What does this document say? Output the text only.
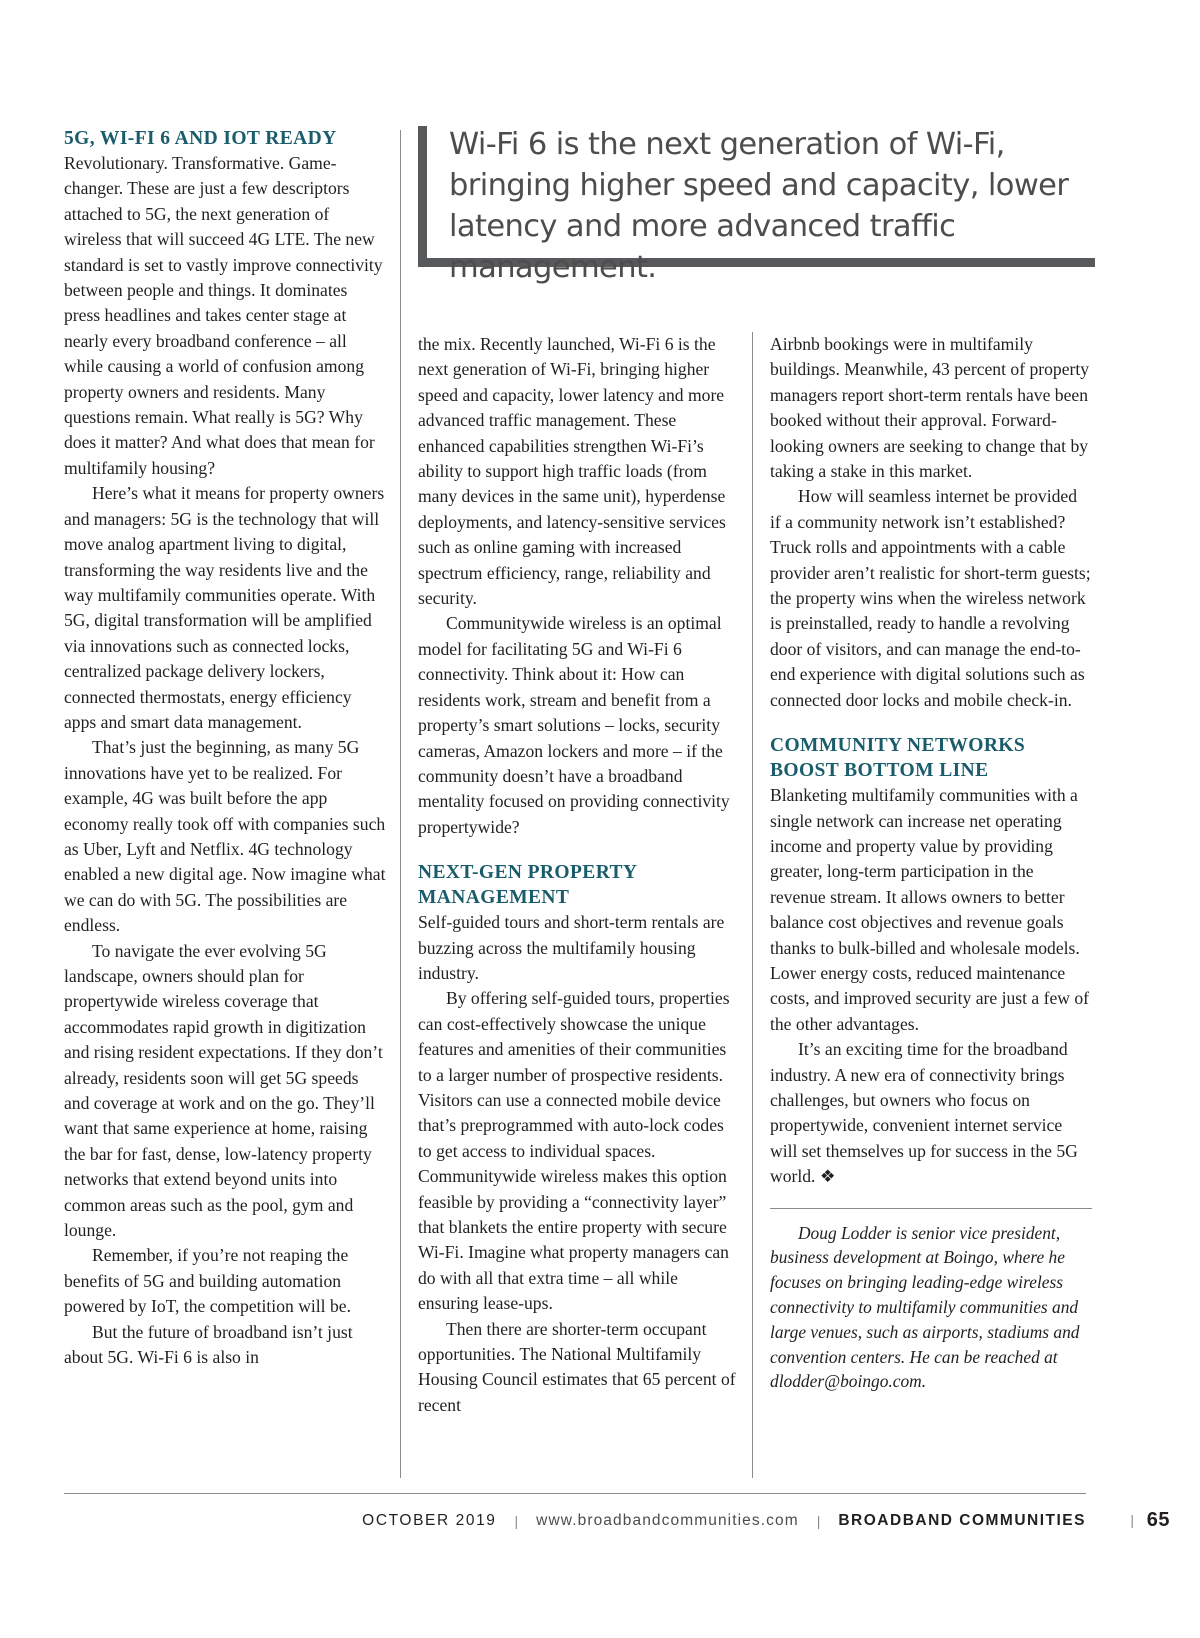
5G, WI-FI 6 AND IOT READY

Revolutionary. Transformative. Game-changer. These are just a few descriptors attached to 5G, the next generation of wireless that will succeed 4G LTE. The new standard is set to vastly improve connectivity between people and things. It dominates press headlines and takes center stage at nearly every broadband conference – all while causing a world of confusion among property owners and residents. Many questions remain. What really is 5G? Why does it matter? And what does that mean for multifamily housing?

Here’s what it means for property owners and managers: 5G is the technology that will move analog apartment living to digital, transforming the way residents live and the way multifamily communities operate. With 5G, digital transformation will be amplified via innovations such as connected locks, centralized package delivery lockers, connected thermostats, energy efficiency apps and smart data management.

That’s just the beginning, as many 5G innovations have yet to be realized. For example, 4G was built before the app economy really took off with companies such as Uber, Lyft and Netflix. 4G technology enabled a new digital age. Now imagine what we can do with 5G. The possibilities are endless.

To navigate the ever evolving 5G landscape, owners should plan for propertywide wireless coverage that accommodates rapid growth in digitization and rising resident expectations. If they don’t already, residents soon will get 5G speeds and coverage at work and on the go. They’ll want that same experience at home, raising the bar for fast, dense, low-latency property networks that extend beyond units into common areas such as the pool, gym and lounge.

Remember, if you’re not reaping the benefits of 5G and building automation powered by IoT, the competition will be.

But the future of broadband isn’t just about 5G. Wi-Fi 6 is also in

Wi-Fi 6 is the next generation of Wi-Fi, bringing higher speed and capacity, lower latency and more advanced traffic management.

the mix. Recently launched, Wi-Fi 6 is the next generation of Wi-Fi, bringing higher speed and capacity, lower latency and more advanced traffic management. These enhanced capabilities strengthen Wi-Fi’s ability to support high traffic loads (from many devices in the same unit), hyperdense deployments, and latency-sensitive services such as online gaming with increased spectrum efficiency, range, reliability and security.

Communitywide wireless is an optimal model for facilitating 5G and Wi-Fi 6 connectivity. Think about it: How can residents work, stream and benefit from a property’s smart solutions – locks, security cameras, Amazon lockers and more – if the community doesn’t have a broadband mentality focused on providing connectivity propertywide?

NEXT-GEN PROPERTY MANAGEMENT

Self-guided tours and short-term rentals are buzzing across the multifamily housing industry.

By offering self-guided tours, properties can cost-effectively showcase the unique features and amenities of their communities to a larger number of prospective residents. Visitors can use a connected mobile device that’s preprogrammed with auto-lock codes to get access to individual spaces. Communitywide wireless makes this option feasible by providing a “connectivity layer” that blankets the entire property with secure Wi-Fi. Imagine what property managers can do with all that extra time – all while ensuring lease-ups.

Then there are shorter-term occupant opportunities. The National Multifamily Housing Council estimates that 65 percent of recent

Airbnb bookings were in multifamily buildings. Meanwhile, 43 percent of property managers report short-term rentals have been booked without their approval. Forward-looking owners are seeking to change that by taking a stake in this market.

How will seamless internet be provided if a community network isn’t established? Truck rolls and appointments with a cable provider aren’t realistic for short-term guests; the property wins when the wireless network is preinstalled, ready to handle a revolving door of visitors, and can manage the end-to-end experience with digital solutions such as connected door locks and mobile check-in.

COMMUNITY NETWORKS BOOST BOTTOM LINE

Blanketing multifamily communities with a single network can increase net operating income and property value by providing greater, long-term participation in the revenue stream. It allows owners to better balance cost objectives and revenue goals thanks to bulk-billed and wholesale models. Lower energy costs, reduced maintenance costs, and improved security are just a few of the other advantages.

It’s an exciting time for the broadband industry. A new era of connectivity brings challenges, but owners who focus on propertywide, convenient internet service will set themselves up for success in the 5G world. ❖

Doug Lodder is senior vice president, business development at Boingo, where he focuses on bringing leading-edge wireless connectivity to multifamily communities and large venues, such as airports, stadiums and convention centers. He can be reached at dlodder@boingo.com.

OCTOBER 2019 | www.broadbandcommunities.com | BROADBAND COMMUNITIES	| 65
